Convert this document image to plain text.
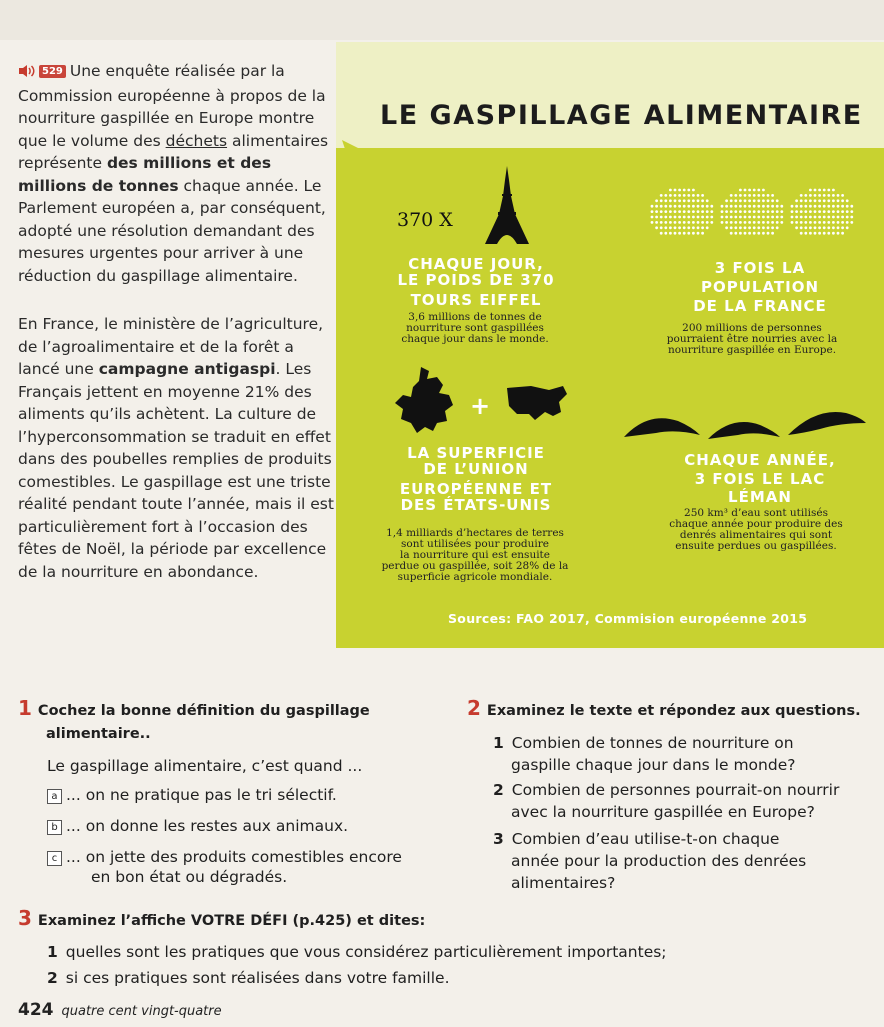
529 Une enquête réalisée par la Commission européenne à propos de la nourriture gaspillée en Europe montre que le volume des déchets alimentaires représente des millions et des millions de tonnes chaque année. Le Parlement européen a, par conséquent, adopté une résolution demandant des mesures urgentes pour arriver à une réduction du gaspillage alimentaire.

En France, le ministère de l’agriculture, de l’agroalimentaire et de la forêt a lancé une campagne antigaspi. Les Français jettent en moyenne 21% des aliments qu’ils achètent. La culture de l’hyperconsommation se traduit en effet dans des poubelles remplies de produits comestibles. Le gaspillage est une triste réalité pendant toute l’année, mais il est particulièrement fort à l’occasion des fêtes de Noël, la période par excellence de la nourriture en abondance.

LE GASPILLAGE ALIMENTAIRE
370 X
CHAQUE JOUR,
LE POIDS DE 370
TOURS EIFFEL
3,6 millions de tonnes de
nourriture sont gaspillées
chaque jour dans le monde.
3 FOIS LA
POPULATION
DE LA FRANCE
200 millions de personnes
pourraient être nourries avec la
nourriture gaspillée en Europe.
+
LA SUPERFICIE
DE L’UNION
EUROPÉENNE ET
DES ÉTATS-UNIS
1,4 milliards d’hectares de terres
sont utilisées pour produire
la nourriture qui est ensuite
perdue ou gaspillée, soit 28% de la
superficie agricole mondiale.
CHAQUE ANNÉE,
3 FOIS LE LAC
LÉMAN
250 km³ d’eau sont utilisés
chaque année pour produire des
denrés alimentaires qui sont
ensuite perdues ou gaspillées.
Sources: FAO 2017, Commision européenne 2015
1 Cochez la bonne définition du gaspillage
alimentaire..
Le gaspillage alimentaire, c’est quand ...
a ... on ne pratique pas le tri sélectif.
b ... on donne les restes aux animaux.
c ... on jette des produits comestibles encore
en bon état ou dégradés.
2 Examinez le texte et répondez aux questions.
1 Combien de tonnes de nourriture on
gaspille chaque jour dans le monde?
2 Combien de personnes pourrait-on nourrir
avec la nourriture gaspillée en Europe?
3 Combien d’eau utilise-t-on chaque
année pour la production des denrées
alimentaires?
3 Examinez l’affiche VOTRE DÉFI (p.425) et dites:
1 quelles sont les pratiques que vous considérez particulièrement importantes;
2 si ces pratiques sont réalisées dans votre famille.
424 quatre cent vingt-quatre
